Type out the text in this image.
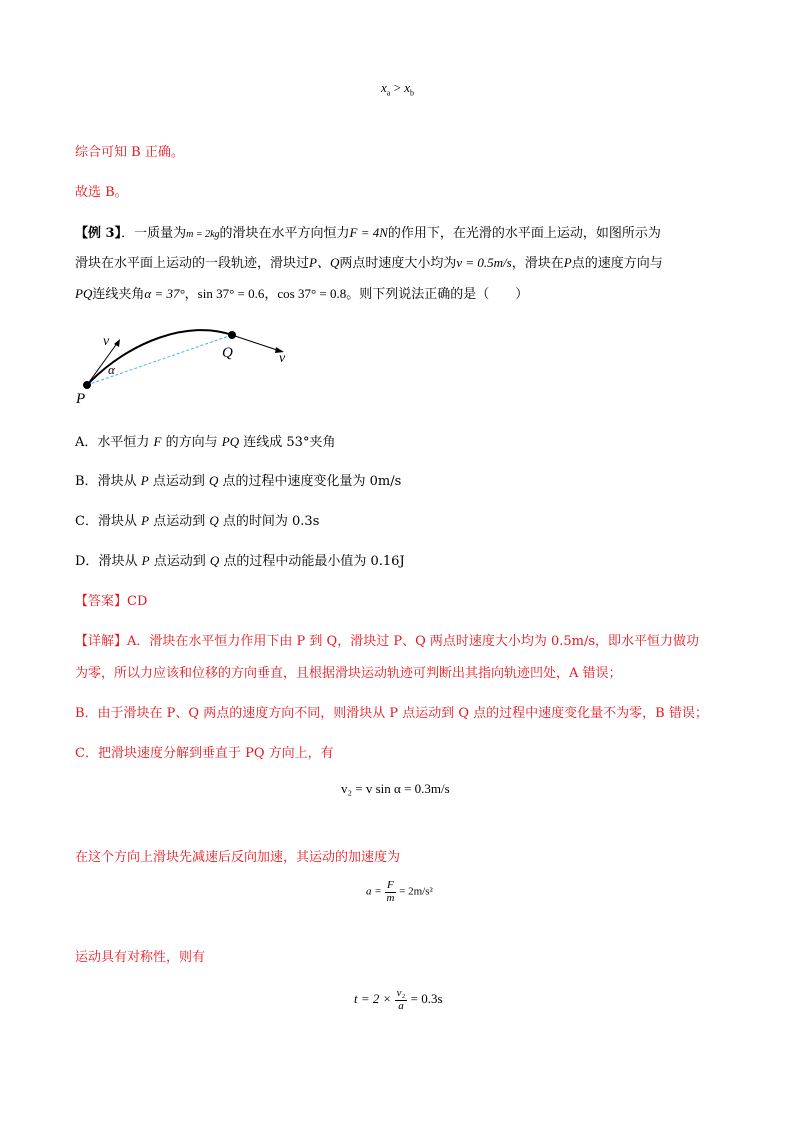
$x_a > x_b$
综合可知 B 正确。
故选 B。
【例 3】．一质量为m = 2kg的滑块在水平方向恒力F = 4N的作用下，在光滑的水平面上运动，如图所示为
滑块在水平面上运动的一段轨迹，滑块过P、Q两点时速度大小均为v = 0.5m/s，滑块在P点的速度方向与
PQ连线夹角α = 37°，sin 37° = 0.6，cos 37° = 0.8。则下列说法正确的是（　　）
v
α
Q	v
P
A．水平恒力 F 的方向与 PQ 连线成 53°夹角
B．滑块从 P 点运动到 Q 点的过程中速度变化量为 0m/s
C．滑块从 P 点运动到 Q 点的时间为 0.3s
D．滑块从 P 点运动到 Q 点的过程中动能最小值为 0.16J
【答案】CD
【详解】A．滑块在水平恒力作用下由 P 到 Q，滑块过 P、Q 两点时速度大小均为 0.5m/s，即水平恒力做功
为零，所以力应该和位移的方向垂直，且根据滑块运动轨迹可判断出其指向轨迹凹处，A 错误；
B．由于滑块在 P、Q 两点的速度方向不同，则滑块从 P 点运动到 Q 点的过程中速度变化量不为零，B 错误；
C．把滑块速度分解到垂直于 PQ 方向上，有
v₂ = v sin α = 0.3m/s
在这个方向上滑块先减速后反向加速，其运动的加速度为
$a = \frac{F}{m} = 2m/s^2$
运动具有对称性，则有
$t = 2 \times \frac{\text{v₂}}{a} = 0.3s$
